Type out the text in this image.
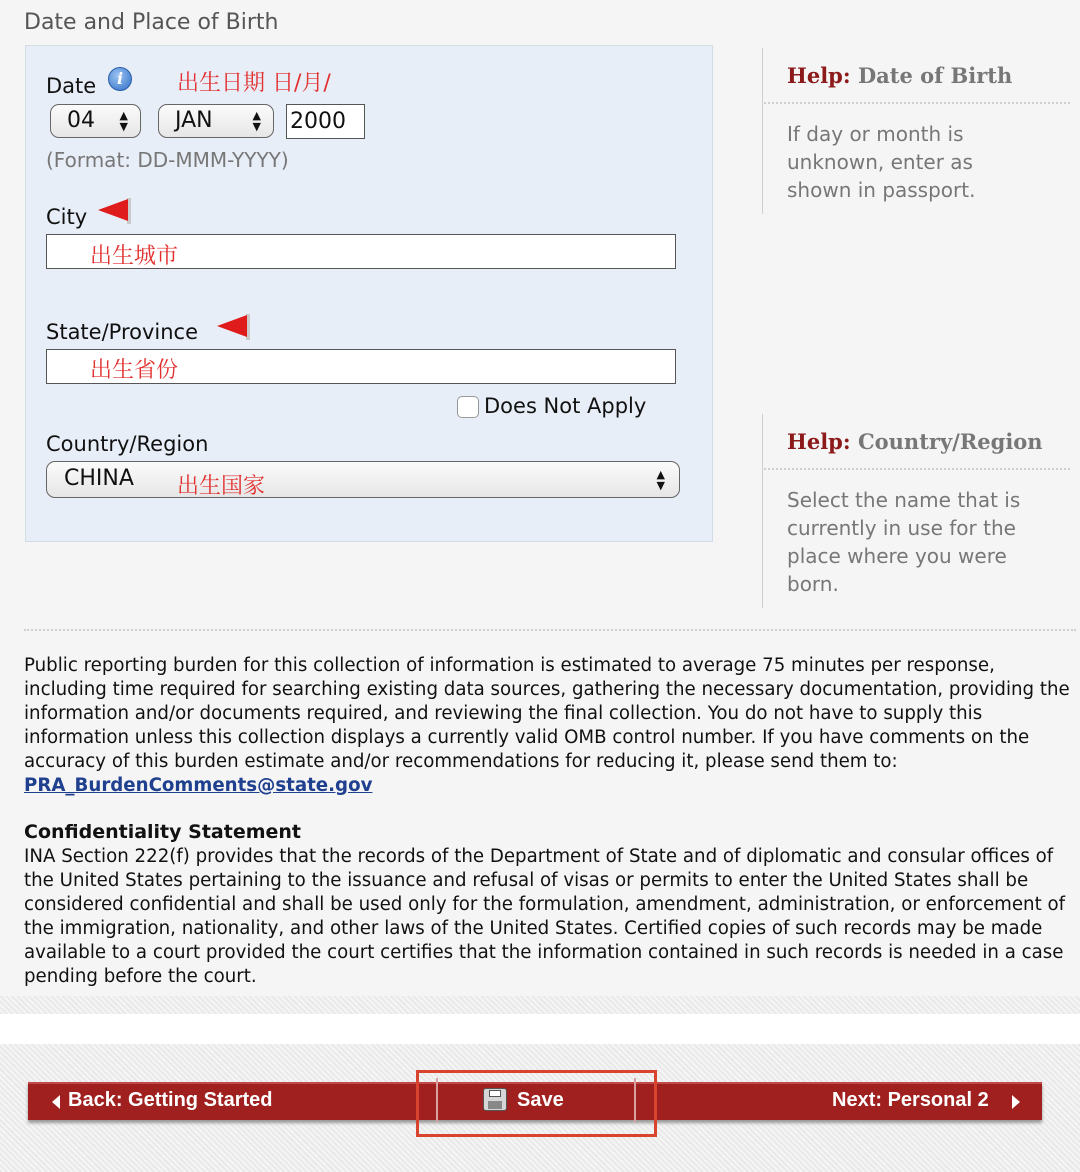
Date and Place of Birth
Date	i	出生日期 日/月/
04 ▲
▼	JAN	▲
▼ 2000
(Format: DD-MMM-YYYY)
City
出生城市
State/Province
出生省份
Does Not Apply
Country/Region
CHINA	▲
▼
出生国家
Help: Date of Birth
If day or month is unknown, enter as shown in passport.
Help: Country/Region
Select the name that is currently in use for the place where you were born.
Public reporting burden for this collection of information is estimated to average 75 minutes per response, including time required for searching existing data sources, gathering the necessary documentation, providing the information and/or documents required, and reviewing the final collection. You do not have to supply this information unless this collection displays a currently valid OMB control number. If you have comments on the accuracy of this burden estimate and/or recommendations for reducing it, please send them to: PRA_BurdenComments@state.gov
Confidentiality Statement
INA Section 222(f) provides that the records of the Department of State and of diplomatic and consular offices of the United States pertaining to the issuance and refusal of visas or permits to enter the United States shall be considered confidential and shall be used only for the formulation, amendment, administration, or enforcement of the immigration, nationality, and other laws of the United States. Certified copies of such records may be made available to a court provided the court certifies that the information contained in such records is needed in a case pending before the court.
Back: Getting Started	Save	Next: Personal 2
